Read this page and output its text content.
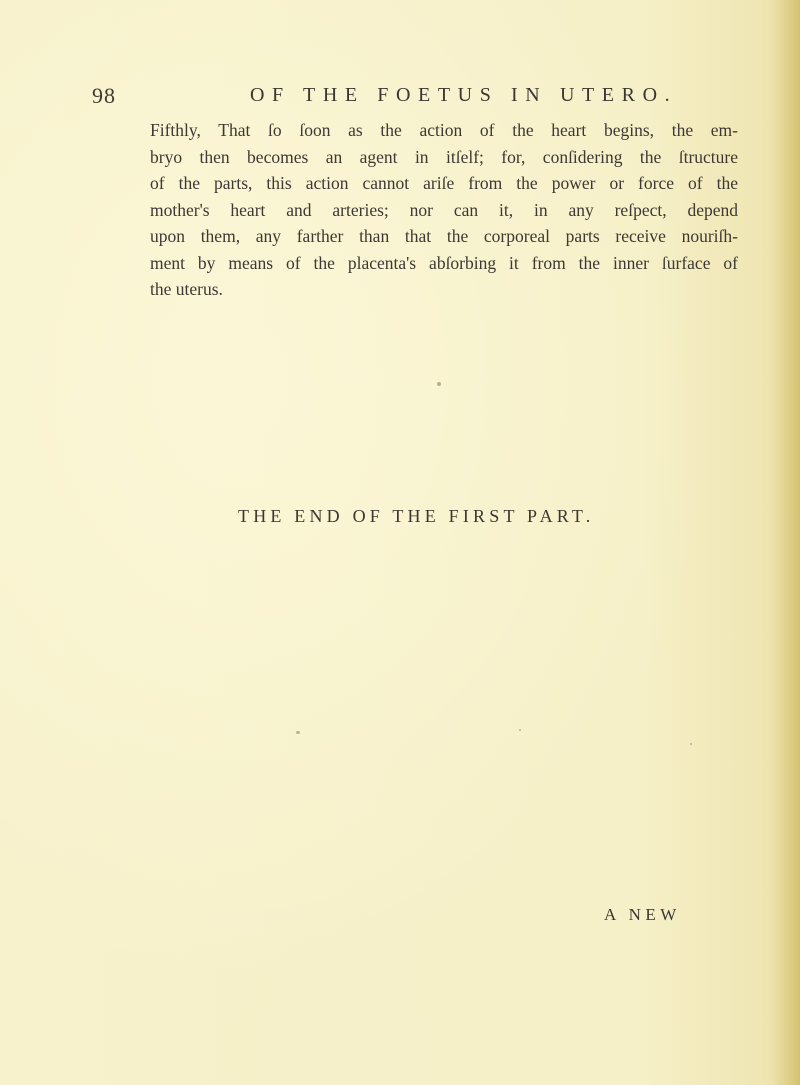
98	OF THE FOETUS IN UTERO.
Fifthly, That ſo ſoon as the action of the heart begins, the em-
bryo then becomes an agent in itſelf; for, conſidering the ſtructure
of the parts, this action cannot ariſe from the power or force of the
mother's heart and arteries; nor can it, in any reſpect, depend
upon them, any farther than that the corporeal parts receive nouriſh-
ment by means of the placenta's abſorbing it from the inner ſurface of
the uterus.
THE END OF THE FIRST PART.
A NEW
